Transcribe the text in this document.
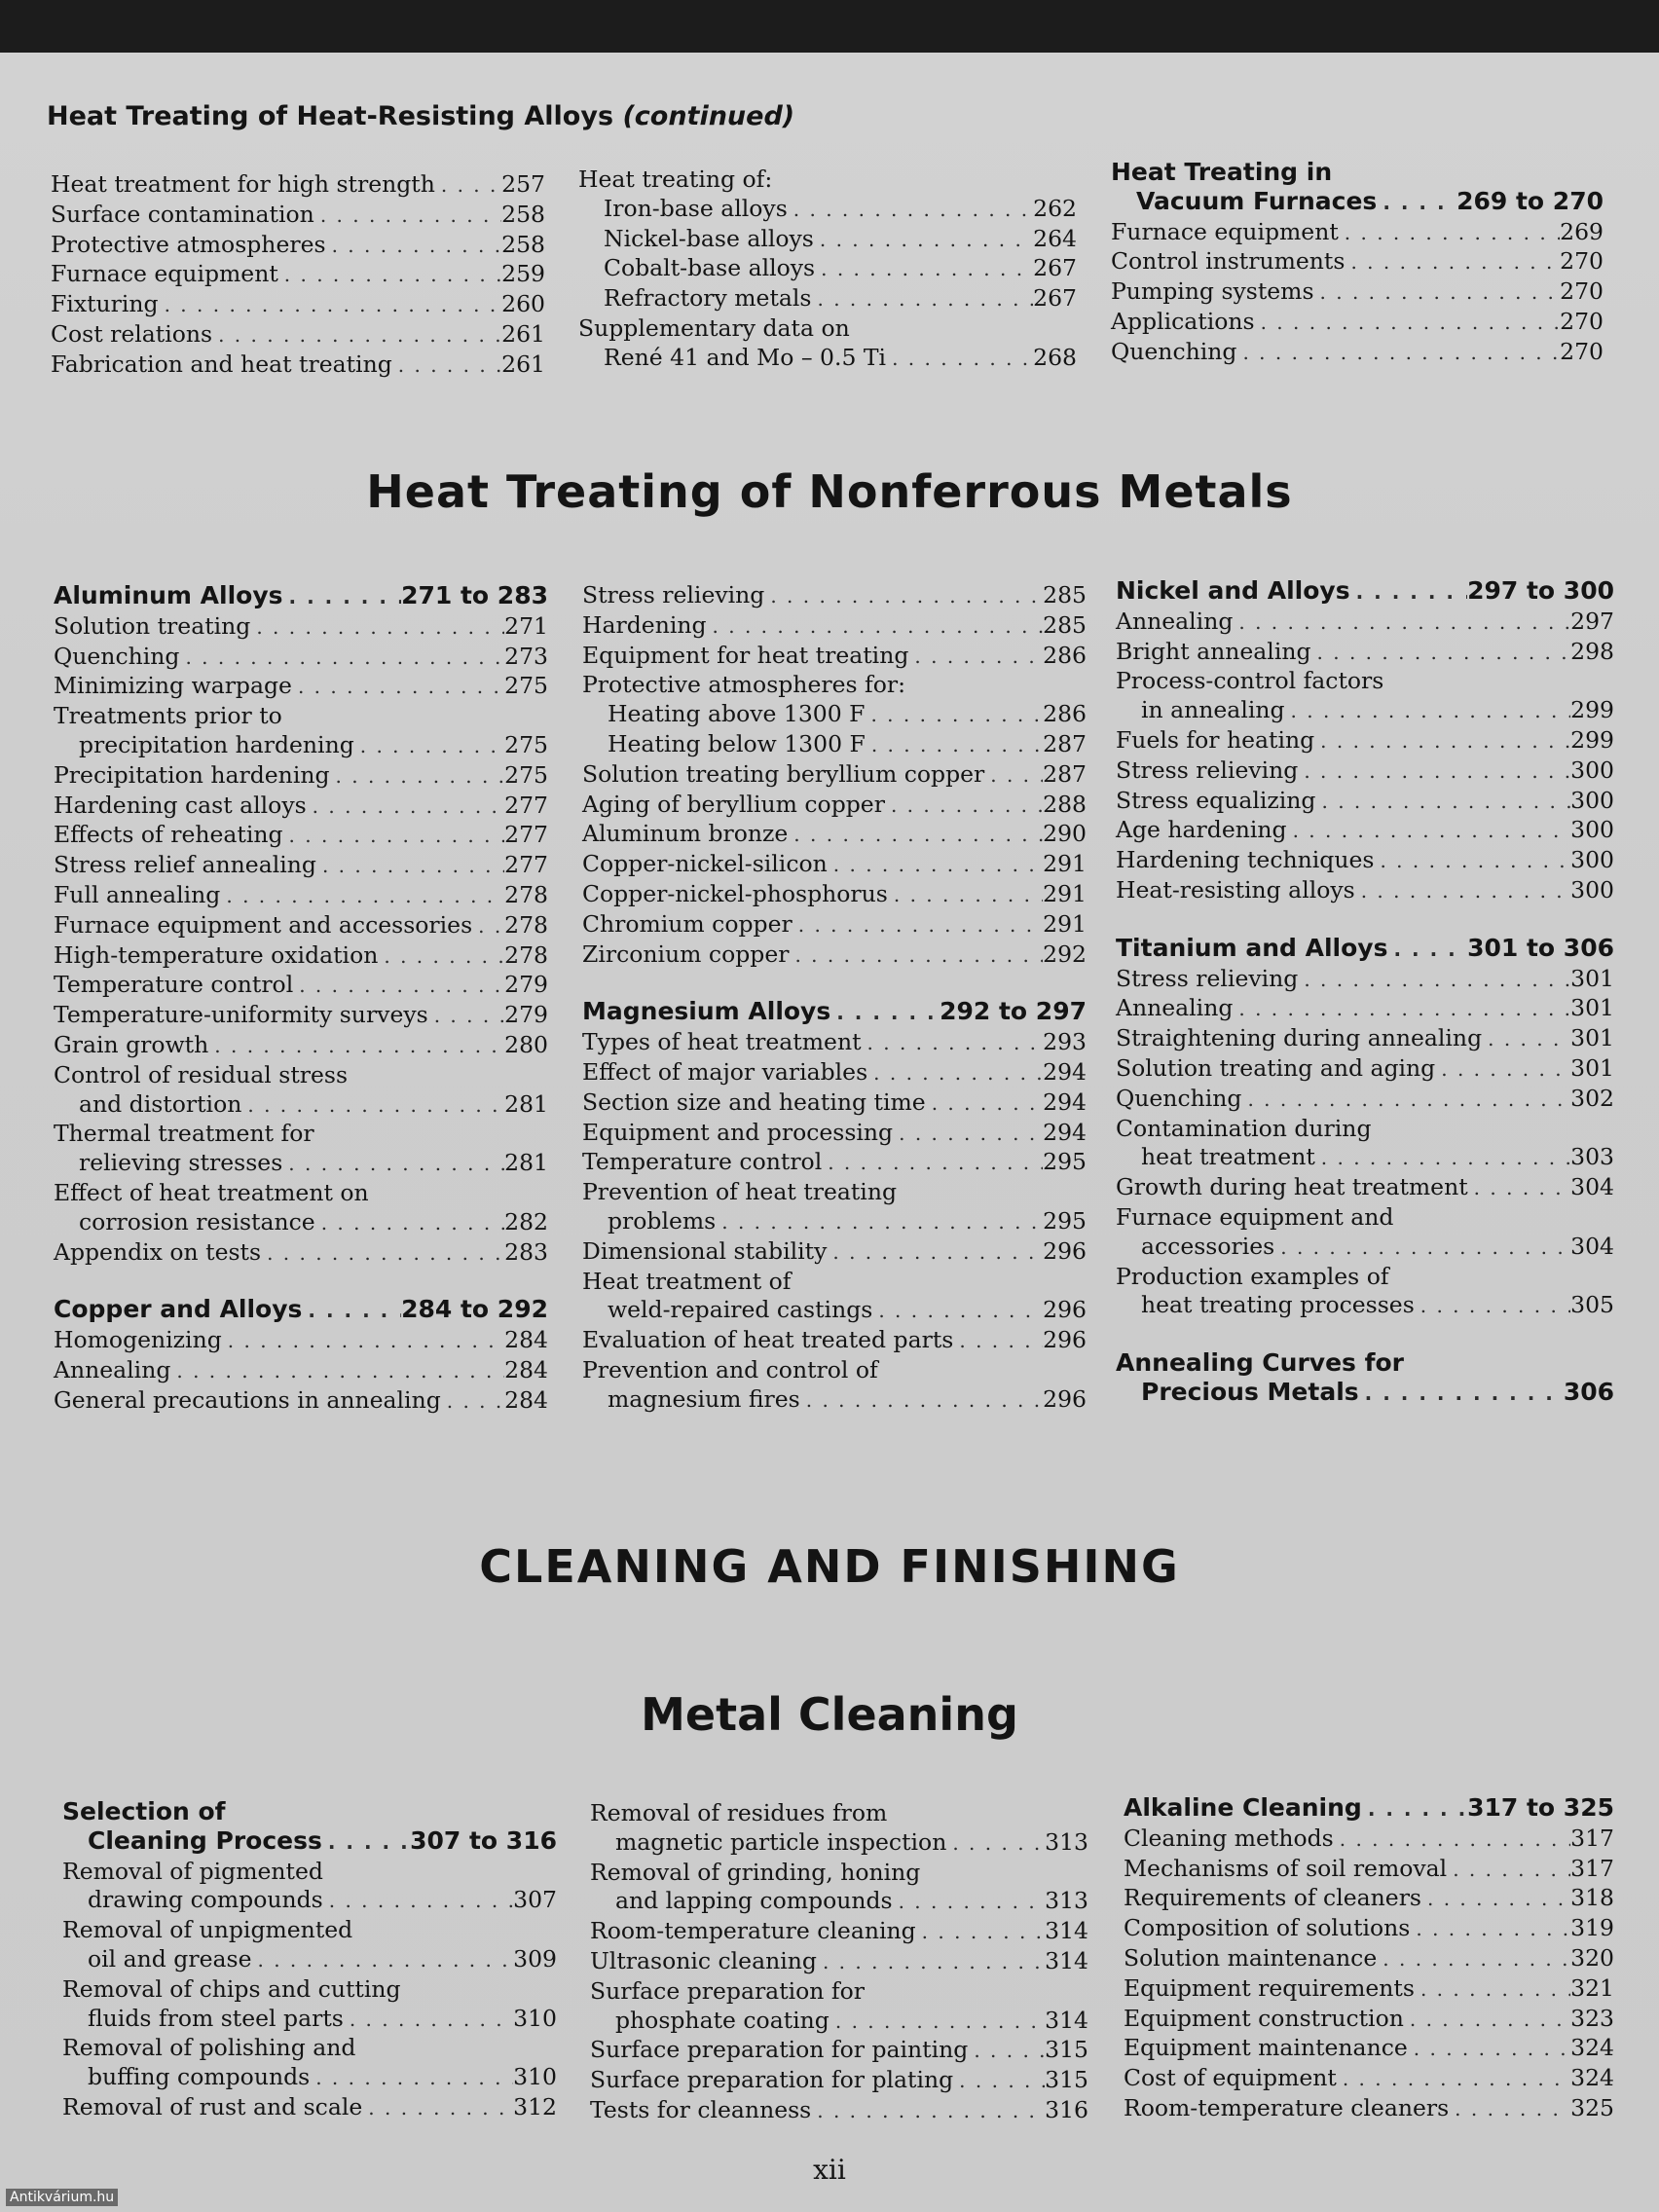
Heat Treating of Heat-Resisting Alloys (continued)
Heat treatment for high strength . . .	257
Surface contamination . . .	258
Protective atmospheres . . .	258
Furnace equipment . . .	259
Fixturing . . .	260
Cost relations . . .	261
Fabrication and heat treating . . .	261
Heat treating of:
Iron-base alloys . . .	262
Nickel-base alloys . . .	264
Cobalt-base alloys . . .	267
Refractory metals . . .	267
Supplementary data on
René 41 and Mo – 0.5 Ti . . .	268
Heat Treating in
Vacuum Furnaces . . .	269 to 270
Furnace equipment . . .	269
Control instruments . . .	270
Pumping systems . . .	270
Applications . . .	270
Quenching . . .	270
Heat Treating of Nonferrous Metals
Aluminum Alloys . . .	271 to 283
Solution treating . . .	271
Quenching . . .	273
Minimizing warpage . . .	275
Treatments prior to
precipitation hardening . . .	275
Precipitation hardening . . .	275
Hardening cast alloys . . .	277
Effects of reheating . . .	277
Stress relief annealing . . .	277
Full annealing . . .	278
Furnace equipment and accessories . . . 278
High-temperature oxidation . . .	278
Temperature control . . .	279
Temperature-uniformity surveys . . .	279
Grain growth . . .	280
Control of residual stress
and distortion . . .	281
Thermal treatment for
relieving stresses . . .	281
Effect of heat treatment on
corrosion resistance . . .	282
Appendix on tests . . .	283
Copper and Alloys . . .	284 to 292
Homogenizing . . .	284
Annealing . . .	284
General precautions in annealing . . .	284
Stress relieving . . .	285
Hardening . . .	285
Equipment for heat treating . . .	286
Protective atmospheres for:
Heating above 1300 F . . .	286
Heating below 1300 F . . .	287
Solution treating beryllium copper . . .	287
Aging of beryllium copper . . .	288
Aluminum bronze . . .	290
Copper-nickel-silicon . . .	291
Copper-nickel-phosphorus . . .	291
Chromium copper . . .	291
Zirconium copper . . .	292
Magnesium Alloys . . .	292 to 297
Types of heat treatment . . .	293
Effect of major variables . . .	294
Section size and heating time . . .	294
Equipment and processing . . .	294
Temperature control . . .	295
Prevention of heat treating
problems . . .	295
Dimensional stability . . .	296
Heat treatment of
weld-repaired castings . . .	296
Evaluation of heat treated parts . . .	296
Prevention and control of
magnesium fires . . .	296
Nickel and Alloys . . .	297 to 300
Annealing . . .	297
Bright annealing . . .	298
Process-control factors
in annealing . . .	299
Fuels for heating . . .	299
Stress relieving . . .	300
Stress equalizing . . .	300
Age hardening . . .	300
Hardening techniques . . .	300
Heat-resisting alloys . . .	300
Titanium and Alloys . . .	301 to 306
Stress relieving . . .	301
Annealing . . .	301
Straightening during annealing . . .	301
Solution treating and aging . . .	301
Quenching . . .	302
Contamination during
heat treatment . . .	303
Growth during heat treatment . . .	304
Furnace equipment and
accessories . . .	304
Production examples of
heat treating processes . . .	305
Annealing Curves for
Precious Metals . . .	306
CLEANING AND FINISHING
Metal Cleaning
Selection of
Cleaning Process . . .	307 to 316
Removal of pigmented
drawing compounds . . .	307
Removal of unpigmented
oil and grease . . .	309
Removal of chips and cutting
fluids from steel parts . . .	310
Removal of polishing and
buffing compounds . . .	310
Removal of rust and scale . . .	312
Removal of residues from
magnetic particle inspection . . .	313
Removal of grinding, honing
and lapping compounds . . .	313
Room-temperature cleaning . . .	314
Ultrasonic cleaning . . .	314
Surface preparation for
phosphate coating . . .	314
Surface preparation for painting . . .	315
Surface preparation for plating . . .	315
Tests for cleanness . . .	316
Alkaline Cleaning . . .	317 to 325
Cleaning methods . . .	317
Mechanisms of soil removal . . .	317
Requirements of cleaners . . .	318
Composition of solutions . . .	319
Solution maintenance . . .	320
Equipment requirements . . .	321
Equipment construction . . .	323
Equipment maintenance . . .	324
Cost of equipment . . .	324
Room-temperature cleaners . . .	325
xii
Antikvárium.hu
